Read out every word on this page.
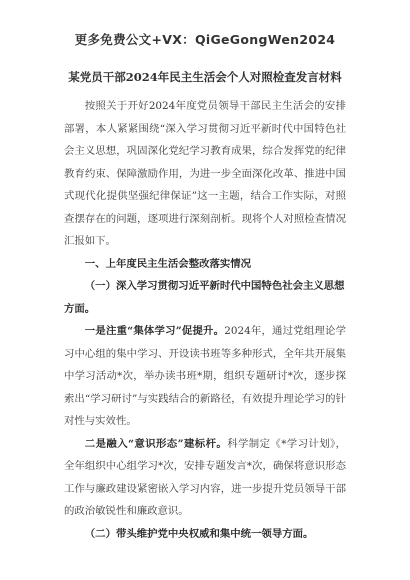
更多免费公文+VX：QiGeGongWen2024
某党员干部2024年民主生活会个人对照检查发言材料

按照关于开好2024年度党员领导干部民主生活会的安排部署，本人紧紧围绕“深入学习贯彻习近平新时代中国特色社会主义思想，巩固深化党纪学习教育成果，综合发挥党的纪律教育约束、保障激励作用，为进一步全面深化改革、推进中国式现代化提供坚强纪律保证”这一主题，结合工作实际，对照查摆存在的问题，逐项进行深刻剖析。现将个人对照检查情况汇报如下。

一、上年度民主生活会整改落实情况

（一）深入学习贯彻习近平新时代中国特色社会主义思想方面。

一是注重“集体学习”促提升。2024年，通过党组理论学习中心组的集中学习、开设读书班等多种形式，全年共开展集中学习活动*次，举办读书班*期，组织专题研讨*次，逐步探索出“学习研讨”与实践结合的新路径，有效提升理论学习的针对性与实效性。

二是融入“意识形态”建标杆。科学制定《*学习计划》，全年组织中心组学习*次，安排专题发言*次，确保将意识形态工作与廉政建设紧密嵌入学习内容，进一步提升党员领导干部的政治敏锐性和廉政意识。

（二）带头维护党中央权威和集中统一领导方面。
